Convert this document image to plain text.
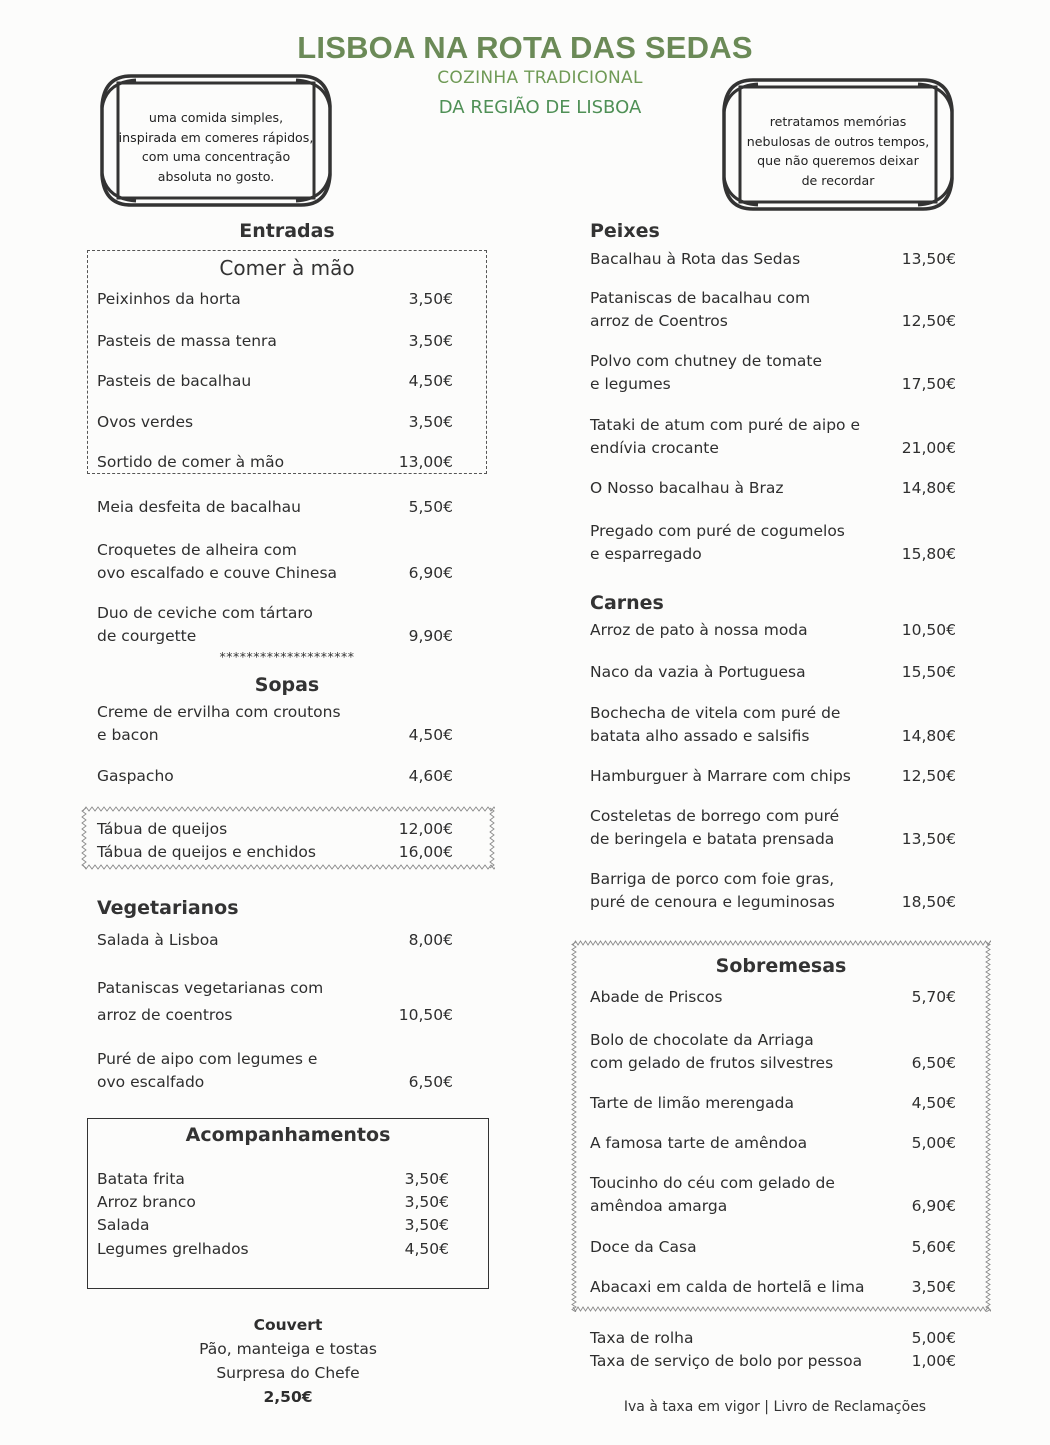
LISBOA NA ROTA DAS SEDAS
COZINHA TRADICIONAL
DA REGIÃO DE LISBOA
uma comida simples,
inspirada em comeres rápidos,
com uma concentração
absoluta no gosto.
retratamos memórias
nebulosas de outros tempos,
que não queremos deixar
de recordar
Entradas
Comer à mão
********************
Sopas
Vegetarianos
Acompanhamentos
Couvert
Pão, manteiga e tostas
Surpresa do Chefe
2,50€
Peixes
Carnes
Sobremesas
Iva à taxa em vigor | Livro de Reclamações
Peixinhos da horta	3,50€
Pasteis de massa tenra	3,50€
Pasteis de bacalhau	4,50€
Ovos verdes	3,50€
Sortido de comer à mão	13,00€
Meia desfeita de bacalhau	5,50€
Croquetes de alheira com
ovo escalfado e couve Chinesa	6,90€
Duo de ceviche com tártaro
de courgette	9,90€
Creme de ervilha com croutons
e bacon	4,50€
Gaspacho	4,60€
Tábua de queijos	12,00€
Tábua de queijos e enchidos	16,00€
Salada à Lisboa	8,00€
Pataniscas vegetarianas com
arroz de coentros	10,50€
Puré de aipo com legumes e
ovo escalfado	6,50€
Batata frita	3,50€
Arroz branco	3,50€
Salada	3,50€
Legumes grelhados	4,50€
Bacalhau à Rota das Sedas	13,50€
Pataniscas de bacalhau com
arroz de Coentros	12,50€
Polvo com chutney de tomate
e legumes	17,50€
Tataki de atum com puré de aipo e
endívia crocante	21,00€
O Nosso bacalhau à Braz	14,80€
Pregado com puré de cogumelos
e esparregado	15,80€
Arroz de pato à nossa moda	10,50€
Naco da vazia à Portuguesa	15,50€
Bochecha de vitela com puré de
batata alho assado e salsifis	14,80€
Hamburguer à Marrare com chips	12,50€
Costeletas de borrego com puré
de beringela e batata prensada	13,50€
Barriga de porco com foie gras,
puré de cenoura e leguminosas	18,50€
Abade de Priscos	5,70€
Bolo de chocolate da Arriaga
com gelado de frutos silvestres	6,50€
Tarte de limão merengada	4,50€
A famosa tarte de amêndoa	5,00€
Toucinho do céu com gelado de
amêndoa amarga	6,90€
Doce da Casa	5,60€
Abacaxi em calda de hortelã e lima	3,50€
Taxa de rolha	5,00€
Taxa de serviço de bolo por pessoa	1,00€
